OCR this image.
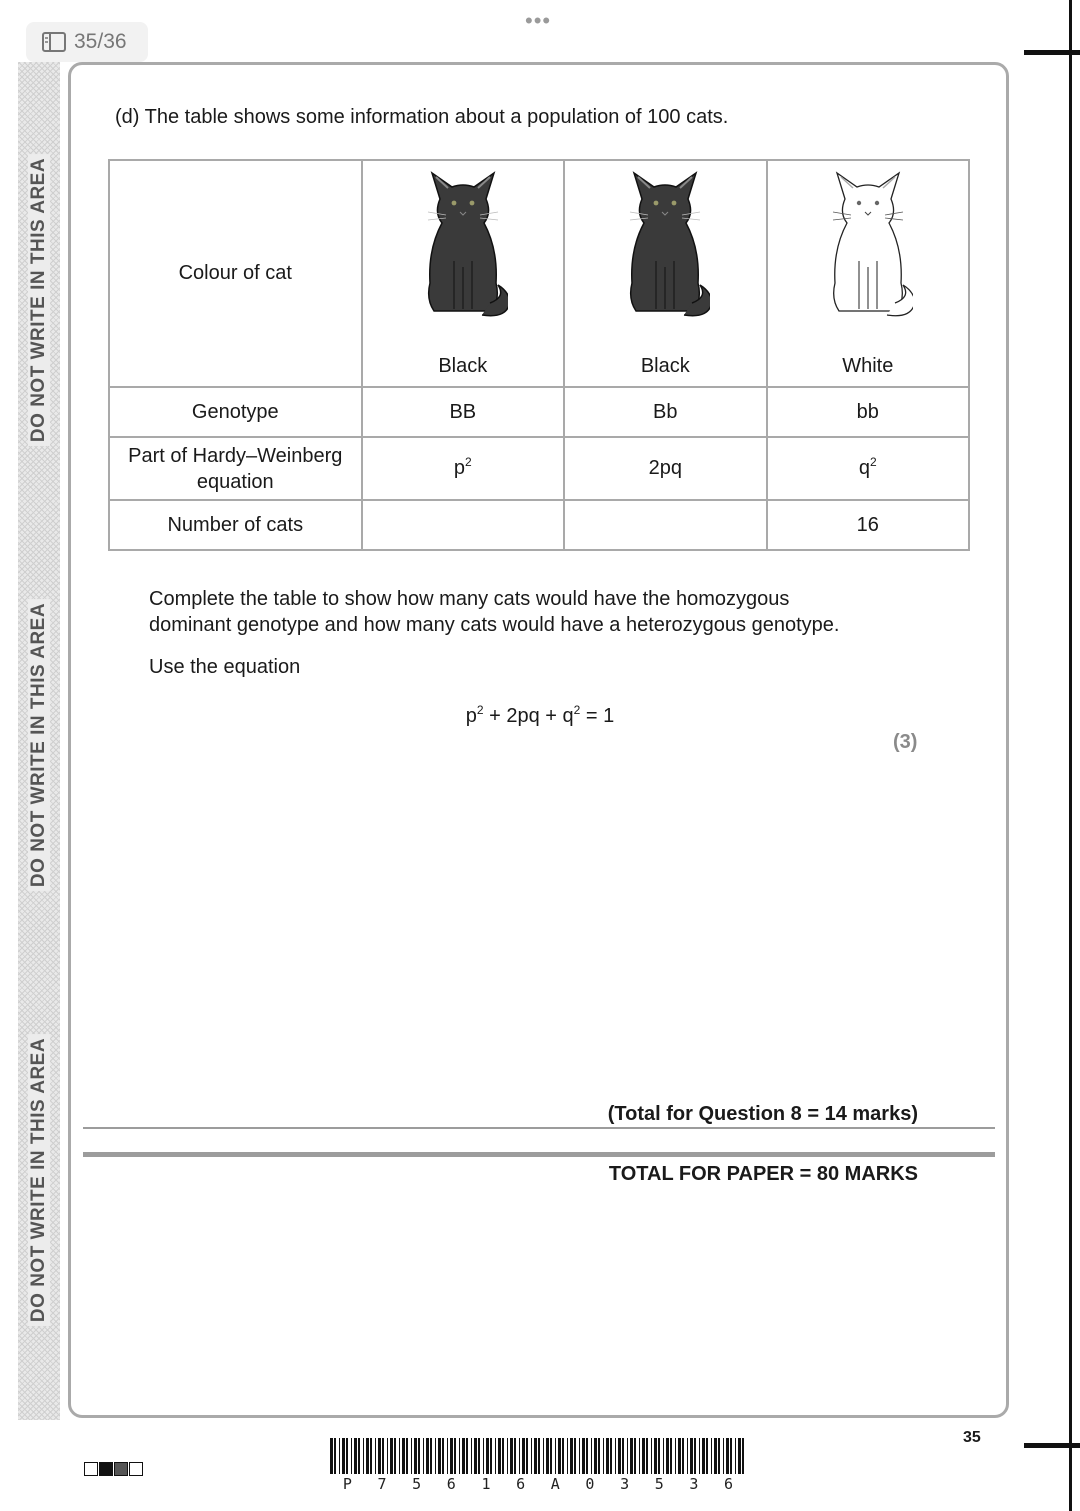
•••
35/36
DO NOT WRITE IN THIS AREA
DO NOT WRITE IN THIS AREA
DO NOT WRITE IN THIS AREA
(d) The table shows some information about a population of 100 cats.
Colour of cat	Black	Black	White

Genotype	BB	Bb	bb
Part of Hardy–Weinberg
equation	$p^2$	2pq	$q^2$
Number of cats			16
Complete the table to show how many cats would have the homozygous
dominant genotype and how many cats would have a heterozygous genotype.
Use the equation
$p^2 + 2pq + q^2 = 1$
(3)
(Total for Question 8 = 14 marks)
TOTAL FOR PAPER = 80 MARKS
35
P 7 5 6 1 6 A 0 3 5 3 6
